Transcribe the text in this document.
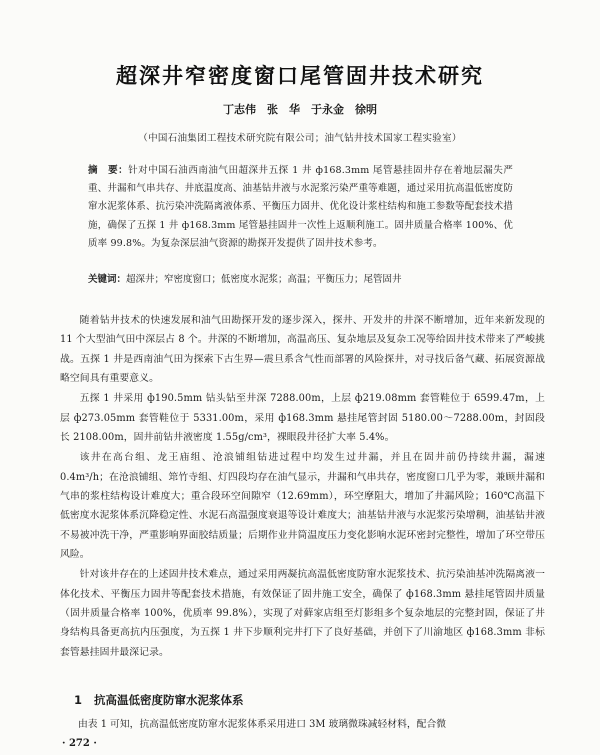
超深井窄密度窗口尾管固井技术研究
丁志伟　张　华　于永金　徐明
（中国石油集团工程技术研究院有限公司；油气钻井技术国家工程实验室）
摘　要：针对中国石油西南油气田超深井五探 1 井 ф168.3mm 尾管悬挂固井存在着地层漏失严重、井漏和气串共存、井底温度高、油基钻井液与水泥浆污染严重等难题，通过采用抗高温低密度防窜水泥浆体系、抗污染冲洗隔离液体系、平衡压力固井、优化设计浆柱结构和施工参数等配套技术措施，确保了五探 1 井 ф168.3mm 尾管悬挂固井一次性上返顺利施工。固井质量合格率 100%、优质率 99.8%。为复杂深层油气资源的勘探开发提供了固井技术参考。
关键词：超深井；窄密度窗口；低密度水泥浆；高温；平衡压力；尾管固井

随着钻井技术的快速发展和油气田勘探开发的逐步深入，探井、开发井的井深不断增加，近年来新发现的 11 个大型油气田中深层占 8 个。井深的不断增加，高温高压、复杂地层及复杂工况等给固井技术带来了严峻挑战。五探 1 井是西南油气田为探索下古生界—震旦系含气性而部署的风险探井，对寻找后备气藏、拓展资源战略空间具有重要意义。

五探 1 井采用 ф190.5mm 钻头钻至井深 7288.00m，上层 ф219.08mm 套管鞋位于 6599.47m，上层 ф273.05mm 套管鞋位于 5331.00m，采用 ф168.3mm 悬挂尾管封固 5180.00～7288.00m，封固段长 2108.00m，固井前钻井液密度 1.55g/cm³，裸眼段井径扩大率 5.4%。

该井在高台组、龙王庙组、沧浪铺组钻进过程中均发生过井漏，并且在固井前仍持续井漏，漏速 0.4m³/h；在沧浪铺组、筇竹寺组、灯四段均存在油气显示，井漏和气串共存，密度窗口几乎为零，兼顾井漏和气串的浆柱结构设计难度大；重合段环空间隙窄（12.69mm），环空摩阻大，增加了井漏风险；160℃高温下低密度水泥浆体系沉降稳定性、水泥石高温强度衰退等设计难度大；油基钻井液与水泥浆污染增稠，油基钻井液不易被冲洗干净，严重影响界面胶结质量；后期作业井筒温度压力变化影响水泥环密封完整性，增加了环空带压风险。

针对该井存在的上述固井技术难点，通过采用两凝抗高温低密度防窜水泥浆技术、抗污染油基冲洗隔离液一体化技术、平衡压力固井等配套技术措施，有效保证了固井施工安全，确保了 ф168.3mm 悬挂尾管固井质量（固井质量合格率 100%，优质率 99.8%），实现了对藓家店组至灯影组多个复杂地层的完整封固，保证了井身结构具备更高抗内压强度，为五探 1 井下步顺利完井打下了良好基础，并创下了川渝地区 ф168.3mm 非标套管悬挂固井最深记录。

1 抗高温低密度防窜水泥浆体系
由表 1 可知，抗高温低密度防窜水泥浆体系采用进口 3M 玻璃微珠减轻材料，配合微
· 272 ·
